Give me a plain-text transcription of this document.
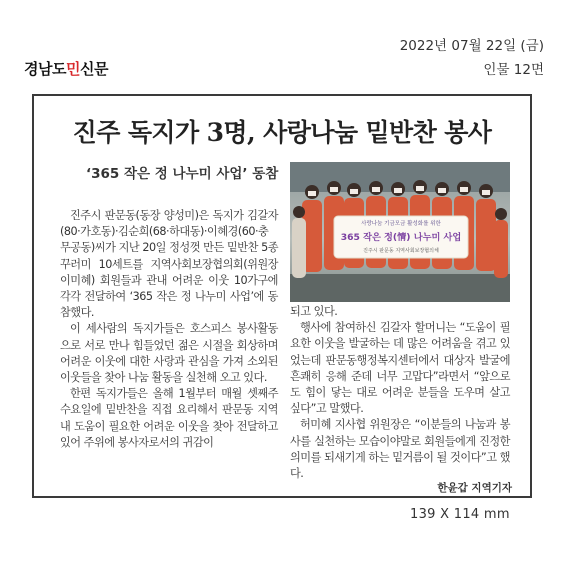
2022년 07월 22일 (금)
경남도민신문	인물 12면
진주 독지가 3명, 사랑나눔 밑반찬 봉사
‘365 작은 정 나누미 사업’ 동참
사랑나눔 기금모금 활성화를 위한
365 작은 정(情) 나누미 사업
진주시 판문동 지역사회보장협의체

진주시 판문동(동장 양성미)은 독지가 김갈자(80·가호동)·김순희(68·하대동)·이혜경(60·충무공동)씨가 지난 20일 정성껏 만든 밑반찬 5종 꾸러미 10세트를 지역사회보장협의회(위원장 이미혜) 회원들과 관내 어려운 이웃 10가구에 각각 전달하여 ‘365 작은 정 나누미 사업’에 동참했다.

이 세사람의 독지가들은 호스피스 봉사활동으로 서로 만나 힘들었던 젊은 시절을 회상하며 어려운 이웃에 대한 사랑과 관심을 가져 소외된 이웃들을 찾아 나눔 활동을 실천해 오고 있다.

한편 독지가들은 올해 1월부터 매월 셋째주 수요일에 밑반찬을 직접 요리해서 판문동 지역 내 도움이 필요한 어려운 이웃을 찾아 전달하고 있어 주위에 봉사자로서의 귀감이

되고 있다.

행사에 참여하신 김갈자 할머니는 “도움이 필요한 이웃을 발굴하는 데 많은 어려움을 겪고 있었는데 판문동행정복지센터에서 대상자 발굴에 흔쾌히 응해 준데 너무 고맙다”라면서 “앞으로도 힘이 닿는 대로 어려운 분들을 도우며 살고 싶다”고 말했다.

허미혜 지사협 위원장은 “이분들의 나눔과 봉사를 실천하는 모습이야말로 회원들에게 진정한 의미를 되새기게 하는 밑거름이 될 것이다”고 했다.

한윤갑 지역기자
139 X 114 mm
